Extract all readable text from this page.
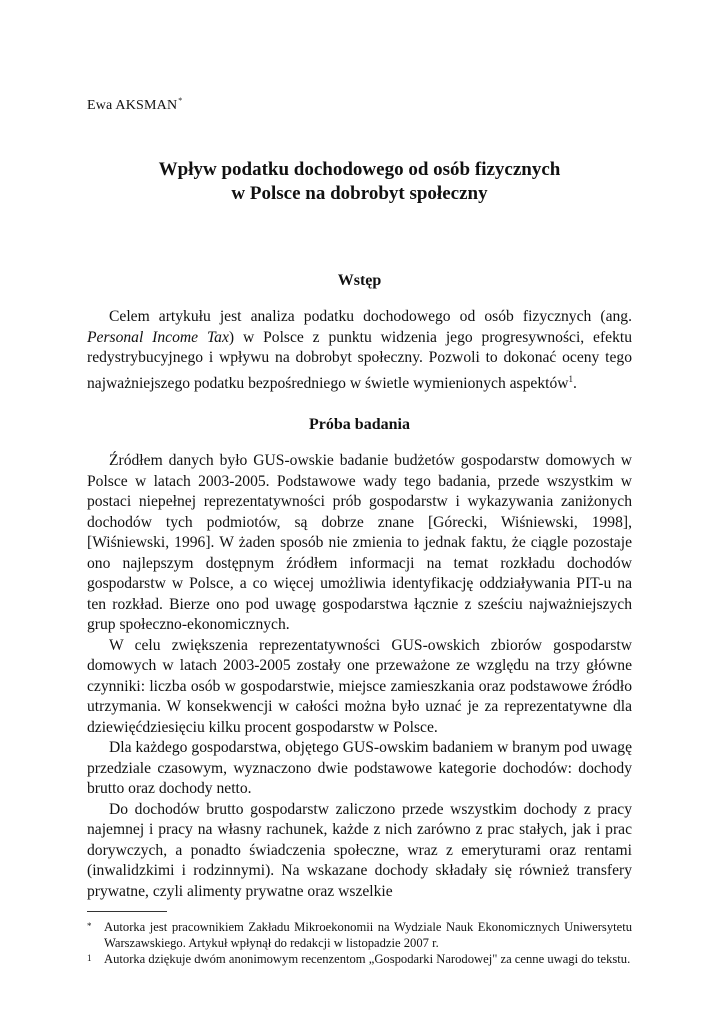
Ewa AKSMAN*

Wpływ podatku dochodowego od osób fizycznych
w Polsce na dobrobyt społeczny
Wstęp

Celem artykułu jest analiza podatku dochodowego od osób fizycznych (ang. Personal Income Tax) w Polsce z punktu widzenia jego progresywności, efektu redystrybucyjnego i wpływu na dobrobyt społeczny. Pozwoli to dokonać oceny tego najważniejszego podatku bezpośredniego w świetle wymienionych aspektów$^1$.

Próba badania

Źródłem danych było GUS-owskie badanie budżetów gospodarstw domowych w Polsce w latach 2003-2005. Podstawowe wady tego badania, przede wszystkim w postaci niepełnej reprezentatywności prób gospodarstw i wykazywania zaniżonych dochodów tych podmiotów, są dobrze znane [Górecki, Wiśniewski, 1998], [Wiśniewski, 1996]. W żaden sposób nie zmienia to jednak faktu, że ciągle pozostaje ono najlepszym dostępnym źródłem informacji na temat rozkładu dochodów gospodarstw w Polsce, a co więcej umożliwia identyfikację oddziaływania PIT-u na ten rozkład. Bierze ono pod uwagę gospodarstwa łącznie z sześciu najważniejszych grup społeczno-ekonomicznych.

W celu zwiększenia reprezentatywności GUS-owskich zbiorów gospodarstw domowych w latach 2003-2005 zostały one przeważone ze względu na trzy główne czynniki: liczba osób w gospodarstwie, miejsce zamieszkania oraz podstawowe źródło utrzymania. W konsekwencji w całości można było uznać je za reprezentatywne dla dziewięćdziesięciu kilku procent gospodarstw w Polsce.

Dla każdego gospodarstwa, objętego GUS-owskim badaniem w branym pod uwagę przedziale czasowym, wyznaczono dwie podstawowe kategorie dochodów: dochody brutto oraz dochody netto.

Do dochodów brutto gospodarstw zaliczono przede wszystkim dochody z pracy najemnej i pracy na własny rachunek, każde z nich zarówno z prac stałych, jak i prac dorywczych, a ponadto świadczenia społeczne, wraz z emeryturami oraz rentami (inwalidzkimi i rodzinnymi). Na wskazane dochody składały się również transfery prywatne, czyli alimenty prywatne oraz wszelkie

* Autorka jest pracownikiem Zakładu Mikroekonomii na Wydziale Nauk Ekonomicznych Uniwersytetu Warszawskiego. Artykuł wpłynął do redakcji w listopadzie 2007 r.

1 Autorka dziękuje dwóm anonimowym recenzentom „Gospodarki Narodowej" za cenne uwagi do tekstu.
